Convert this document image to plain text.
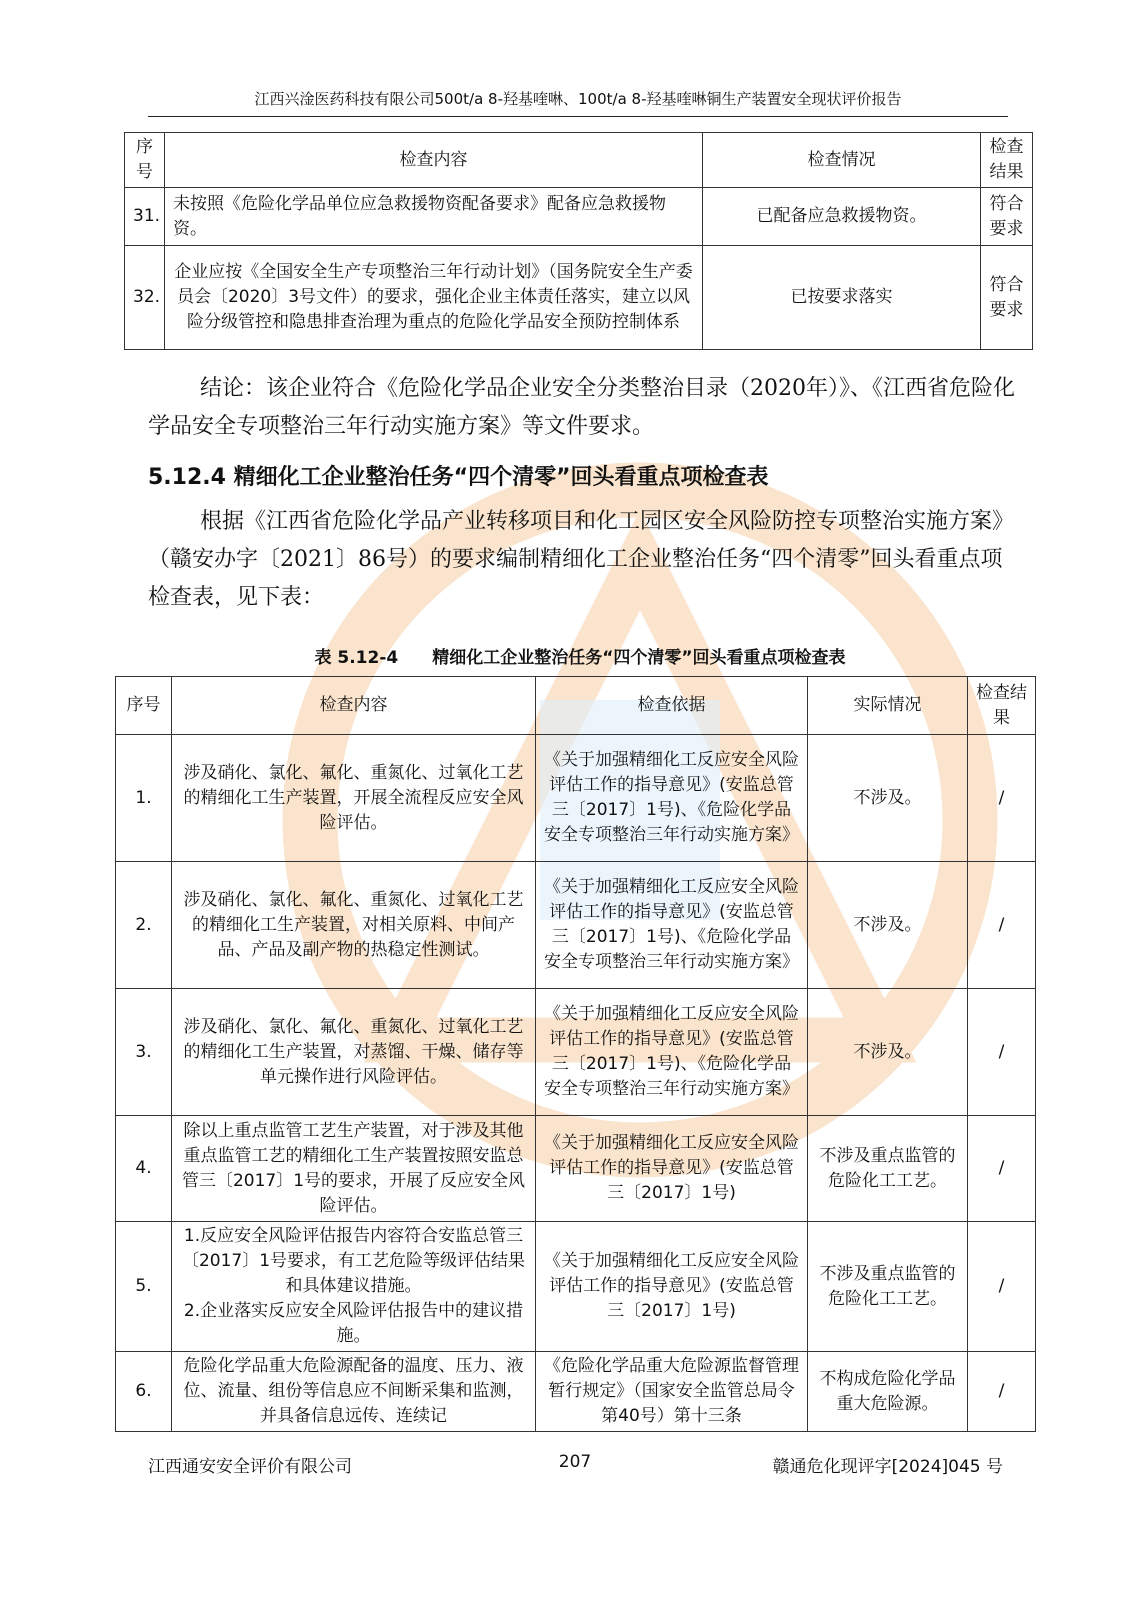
江西兴淦医药科技有限公司500t/a 8-羟基喹啉、100t/a 8-羟基喹啉铜生产装置安全现状评价报告
序号	检查内容	检查情况	检查结果
31.	未按照《危险化学品单位应急救援物资配备要求》配备应急救援物资。	已配备应急救援物资。	符合要求
32.	企业应按《全国安全生产专项整治三年行动计划》（国务院安全生产委员会〔2020〕3号文件）的要求，强化企业主体责任落实，建立以风险分级管控和隐患排查治理为重点的危险化学品安全预防控制体系	已按要求落实	符合要求
结论：该企业符合《危险化学品企业安全分类整治目录（2020年）》、《江西省危险化学品安全专项整治三年行动实施方案》等文件要求。
5.12.4 精细化工企业整治任务“四个清零”回头看重点项检查表
根据《江西省危险化学品产业转移项目和化工园区安全风险防控专项整治实施方案》（赣安办字〔2021〕86号）的要求编制精细化工企业整治任务“四个清零”回头看重点项检查表，见下表：
表 5.12-4　　精细化工企业整治任务“四个清零”回头看重点项检查表
序号	检查内容	检查依据	实际情况	检查结果
1.	涉及硝化、氯化、氟化、重氮化、过氧化工艺的精细化工生产装置，开展全流程反应安全风险评估。	《关于加强精细化工反应安全风险评估工作的指导意见》(安监总管三〔2017〕1号)、《危险化学品安全专项整治三年行动实施方案》	不涉及。	/
2.	涉及硝化、氯化、氟化、重氮化、过氧化工艺的精细化工生产装置，对相关原料、中间产品、产品及副产物的热稳定性测试。	《关于加强精细化工反应安全风险评估工作的指导意见》(安监总管三〔2017〕1号)、《危险化学品安全专项整治三年行动实施方案》	不涉及。	/
3.	涉及硝化、氯化、氟化、重氮化、过氧化工艺的精细化工生产装置，对蒸馏、干燥、储存等单元操作进行风险评估。	《关于加强精细化工反应安全风险评估工作的指导意见》(安监总管三〔2017〕1号)、《危险化学品安全专项整治三年行动实施方案》	不涉及。	/
4.	除以上重点监管工艺生产装置，对于涉及其他重点监管工艺的精细化工生产装置按照安监总管三〔2017〕1号的要求，开展了反应安全风险评估。	《关于加强精细化工反应安全风险评估工作的指导意见》(安监总管三〔2017〕1号)	不涉及重点监管的危险化工工艺。	/
5.	1.反应安全风险评估报告内容符合安监总管三〔2017〕1号要求，有工艺危险等级评估结果和具体建议措施。
2.企业落实反应安全风险评估报告中的建议措施。	《关于加强精细化工反应安全风险评估工作的指导意见》(安监总管三〔2017〕1号)	不涉及重点监管的危险化工工艺。	/
6.	危险化学品重大危险源配备的温度、压力、液位、流量、组份等信息应不间断采集和监测，并具备信息远传、连续记	《危险化学品重大危险源监督管理暂行规定》（国家安全监管总局令第40号）第十三条	不构成危险化学品重大危险源。	/
江西通安安全评价有限公司	207	赣通危化现评字[2024]045 号
